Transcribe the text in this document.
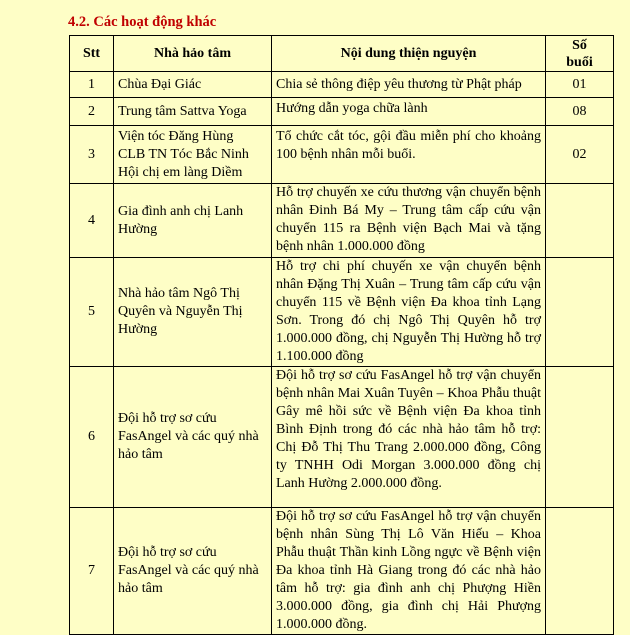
4.2. Các hoạt động khác
Stt	Nhà hảo tâm	Nội dung thiện nguyện	Số
buổi
1	Chùa Đại Giác	Chia sẻ thông điệp yêu thương từ Phật pháp	01
2	Trung tâm Sattva Yoga	Hướng dẫn yoga chữa lành	08
3	Viện tóc Đăng Hùng
CLB TN Tóc Bắc Ninh
Hội chị em làng Diềm	Tổ chức cắt tóc, gội đầu miễn phí cho khoảng 100 bệnh nhân mỗi buổi.	02
4	Gia đình anh chị Lanh Hường	Hỗ trợ chuyến xe cứu thương vận chuyển bệnh nhân Đinh Bá My – Trung tâm cấp cứu vận chuyển 115 ra Bệnh viện Bạch Mai và tặng bệnh nhân 1.000.000 đồng	
5	Nhà hảo tâm Ngô Thị Quyên và Nguyễn Thị Hường	Hỗ trợ chi phí chuyến xe vận chuyển bệnh nhân Đặng Thị Xuân – Trung tâm cấp cứu vận chuyển 115 về Bệnh viện Đa khoa tỉnh Lạng Sơn. Trong đó chị Ngô Thị Quyên hỗ trợ 1.000.000 đồng, chị Nguyễn Thị Hường hỗ trợ 1.100.000 đồng	
6	Đội hỗ trợ sơ cứu FasAngel và các quý nhà hảo tâm	Đội hỗ trợ sơ cứu FasAngel hỗ trợ vận chuyển bệnh nhân Mai Xuân Tuyên – Khoa Phẫu thuật Gây mê hồi sức về Bệnh viện Đa khoa tỉnh Bình Định trong đó các nhà hảo tâm hỗ trợ: Chị Đỗ Thị Thu Trang 2.000.000 đồng, Công ty TNHH Odi Morgan 3.000.000 đồng chị Lanh Hường 2.000.000 đồng.	
7	Đội hỗ trợ sơ cứu FasAngel và các quý nhà hảo tâm	Đội hỗ trợ sơ cứu FasAngel hỗ trợ vận chuyển bệnh nhân Sùng Thị Lô Văn Hiếu – Khoa Phẫu thuật Thần kinh Lồng ngực về Bệnh viện Đa khoa tỉnh Hà Giang trong đó các nhà hảo tâm hỗ trợ: gia đình anh chị Phượng Hiền 3.000.000 đồng, gia đình chị Hải Phượng 1.000.000 đồng.	
